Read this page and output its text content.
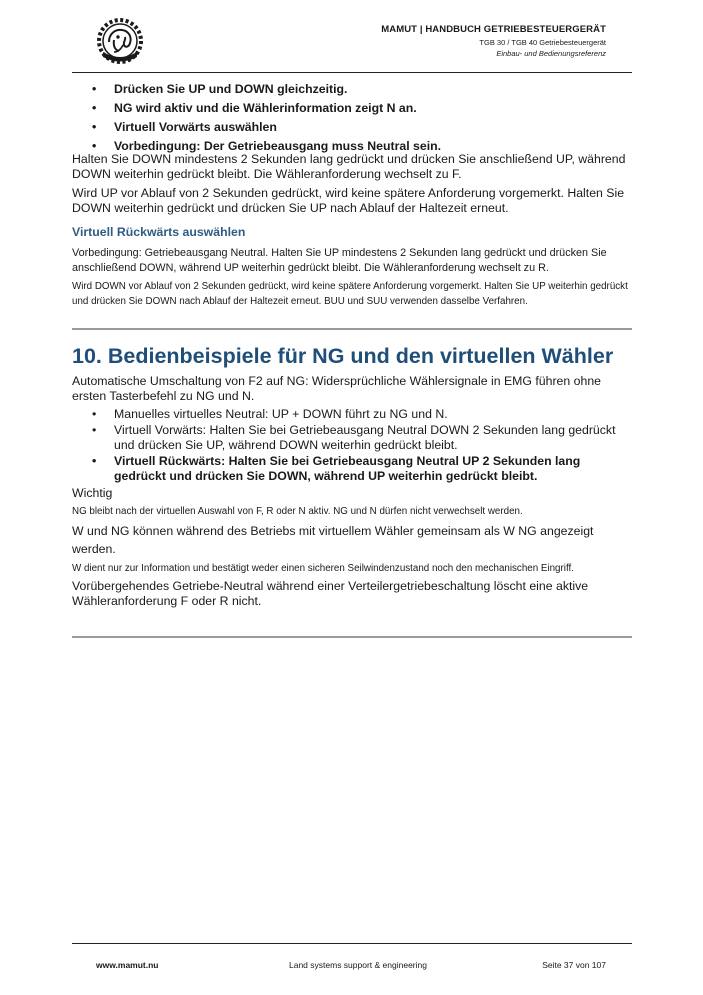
MAMUT | HANDBUCH GETRIEBESTEUERGERÄT
TGB 30 / TGB 40 Getriebesteuergerät
Einbau- und Bedienungsreferenz
• Drücken Sie UP und DOWN gleichzeitig.
• NG wird aktiv und die Wählerinformation zeigt N an.
• Virtuell Vorwärts auswählen
• Vorbedingung: Der Getriebeausgang muss Neutral sein.
Halten Sie DOWN mindestens 2 Sekunden lang gedrückt und drücken Sie anschließend UP, während DOWN weiterhin gedrückt bleibt. Die Wähleranforderung wechselt zu F.
Wird UP vor Ablauf von 2 Sekunden gedrückt, wird keine spätere Anforderung vorgemerkt. Halten Sie DOWN weiterhin gedrückt und drücken Sie UP nach Ablauf der Haltezeit erneut.
Virtuell Rückwärts auswählen
Vorbedingung: Getriebeausgang Neutral. Halten Sie UP mindestens 2 Sekunden lang gedrückt und drücken Sie anschließend DOWN, während UP weiterhin gedrückt bleibt. Die Wähleranforderung wechselt zu R.
Wird DOWN vor Ablauf von 2 Sekunden gedrückt, wird keine spätere Anforderung vorgemerkt. Halten Sie UP weiterhin gedrückt und drücken Sie DOWN nach Ablauf der Haltezeit erneut. BUU und SUU verwenden dasselbe Verfahren.
10. Bedienbeispiele für NG und den virtuellen Wähler
Automatische Umschaltung von F2 auf NG: Widersprüchliche Wählersignale in EMG führen ohne ersten Tasterbefehl zu NG und N.
• Manuelles virtuelles Neutral: UP + DOWN führt zu NG und N.
• Virtuell Vorwärts: Halten Sie bei Getriebeausgang Neutral DOWN 2 Sekunden lang gedrückt und drücken Sie UP, während DOWN weiterhin gedrückt bleibt.
• Virtuell Rückwärts: Halten Sie bei Getriebeausgang Neutral UP 2 Sekunden lang gedrückt und drücken Sie DOWN, während UP weiterhin gedrückt bleibt.
Wichtig
NG bleibt nach der virtuellen Auswahl von F, R oder N aktiv. NG und N dürfen nicht verwechselt werden.
W und NG können während des Betriebs mit virtuellem Wähler gemeinsam als W NG angezeigt werden.
W dient nur zur Information und bestätigt weder einen sicheren Seilwindenzustand noch den mechanischen Eingriff.
Vorübergehendes Getriebe-Neutral während einer Verteilergetriebeschaltung löscht eine aktive Wähleranforderung F oder R nicht.
www.mamut.nu	Land systems support & engineering	Seite 37 von 107
